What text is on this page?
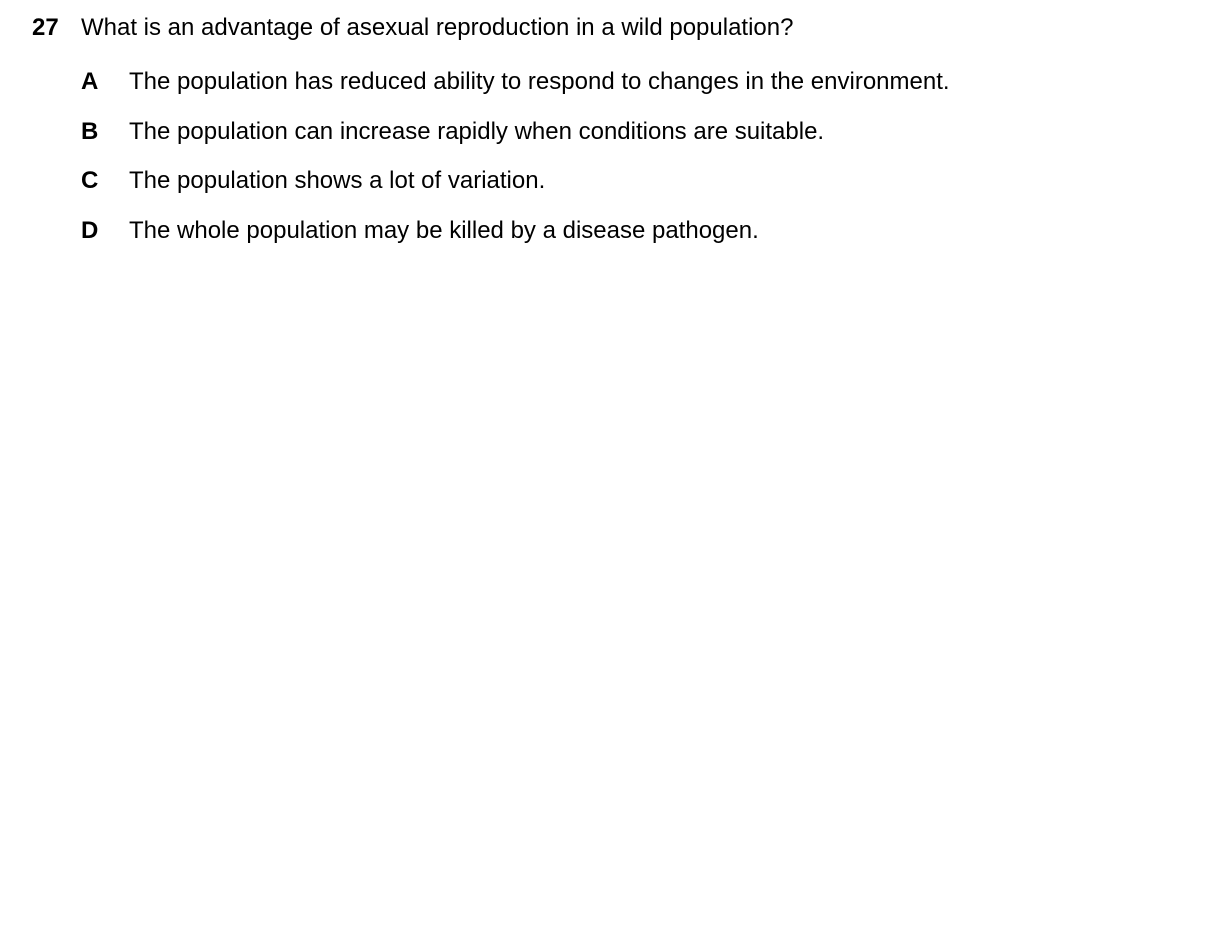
27 What is an advantage of asexual reproduction in a wild population?
A	The population has reduced ability to respond to changes in the environment.
B	The population can increase rapidly when conditions are suitable.
C	The population shows a lot of variation.
D	The whole population may be killed by a disease pathogen.
